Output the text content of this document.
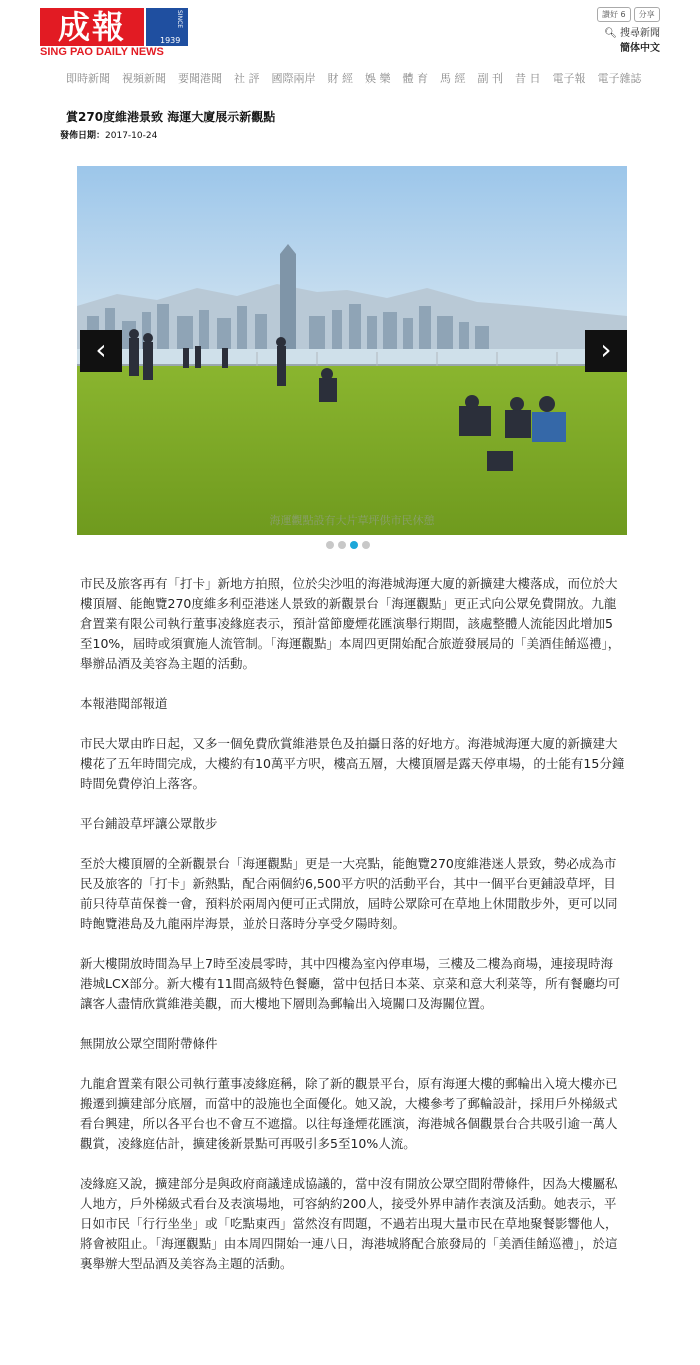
成報	SINCE
1939
SING PAO DAILY NEWS
讚好 6	分享
🔍︎ 搜尋新聞
簡体中文
即時新聞 視頻新聞 要聞港聞 社 評 國際兩岸 財 經 娛 樂 體 育 馬 經 副 刊 昔 日 電子報 電子雜誌
賞270度維港景致 海運大廈展示新觀點
發佈日期：2017-10-24
海運觀點設有大片草坪供市民休憩
‹	›

市民及旅客再有「打卡」新地方拍照，位於尖沙咀的海港城海運大廈的新擴建大樓落成，而位於大樓頂層、能飽覽270度維多利亞港迷人景致的新觀景台「海運觀點」更正式向公眾免費開放。九龍倉置業有限公司執行董事凌緣庭表示，預計當節慶煙花匯演舉行期間，該處整體人流能因此增加5至10%，屆時或須實施人流管制。「海運觀點」本周四更開始配合旅遊發展局的「美酒佳餚巡禮」，舉辦品酒及美容為主題的活動。

本報港聞部報道

市民大眾由昨日起，又多一個免費欣賞維港景色及拍攝日落的好地方。海港城海運大廈的新擴建大樓花了五年時間完成，大樓約有10萬平方呎，樓高五層，大樓頂層是露天停車場，的士能有15分鐘時間免費停泊上落客。

平台鋪設草坪讓公眾散步

至於大樓頂層的全新觀景台「海運觀點」更是一大亮點，能飽覽270度維港迷人景致，勢必成為市民及旅客的「打卡」新熱點，配合兩個約6,500平方呎的活動平台，其中一個平台更鋪設草坪，目前只待草苗保養一會，預料於兩周內便可正式開放，屆時公眾除可在草地上休閒散步外，更可以同時飽覽港島及九龍兩岸海景，並於日落時分享受夕陽時刻。

新大樓開放時間為早上7時至凌晨零時，其中四樓為室內停車場，三樓及二樓為商場，連接現時海港城LCX部分。新大樓有11間高級特色餐廳，當中包括日本菜、京菜和意大利菜等，所有餐廳均可讓客人盡情欣賞維港美觀，而大樓地下層則為郵輪出入境關口及海關位置。

無開放公眾空間附帶條件

九龍倉置業有限公司執行董事凌緣庭稱，除了新的觀景平台，原有海運大樓的郵輪出入境大樓亦已搬遷到擴建部分底層，而當中的設施也全面優化。她又說，大樓參考了郵輪設計，採用戶外梯級式看台興建，所以各平台也不會互不遮擋。以往每逢煙花匯演，海港城各個觀景台合共吸引逾一萬人觀賞，凌緣庭估計，擴建後新景點可再吸引多5至10%人流。

凌緣庭又說，擴建部分是與政府商議達成協議的，當中沒有開放公眾空間附帶條件，因為大樓屬私人地方，戶外梯級式看台及表演場地，可容納約200人，接受外界申請作表演及活動。她表示，平日如市民「行行坐坐」或「吃點東西」當然沒有問題，不過若出現大量市民在草地聚餐影響他人，將會被阻止。「海運觀點」由本周四開始一連八日，海港城將配合旅發局的「美酒佳餚巡禮」，於這裏舉辦大型品酒及美容為主題的活動。
